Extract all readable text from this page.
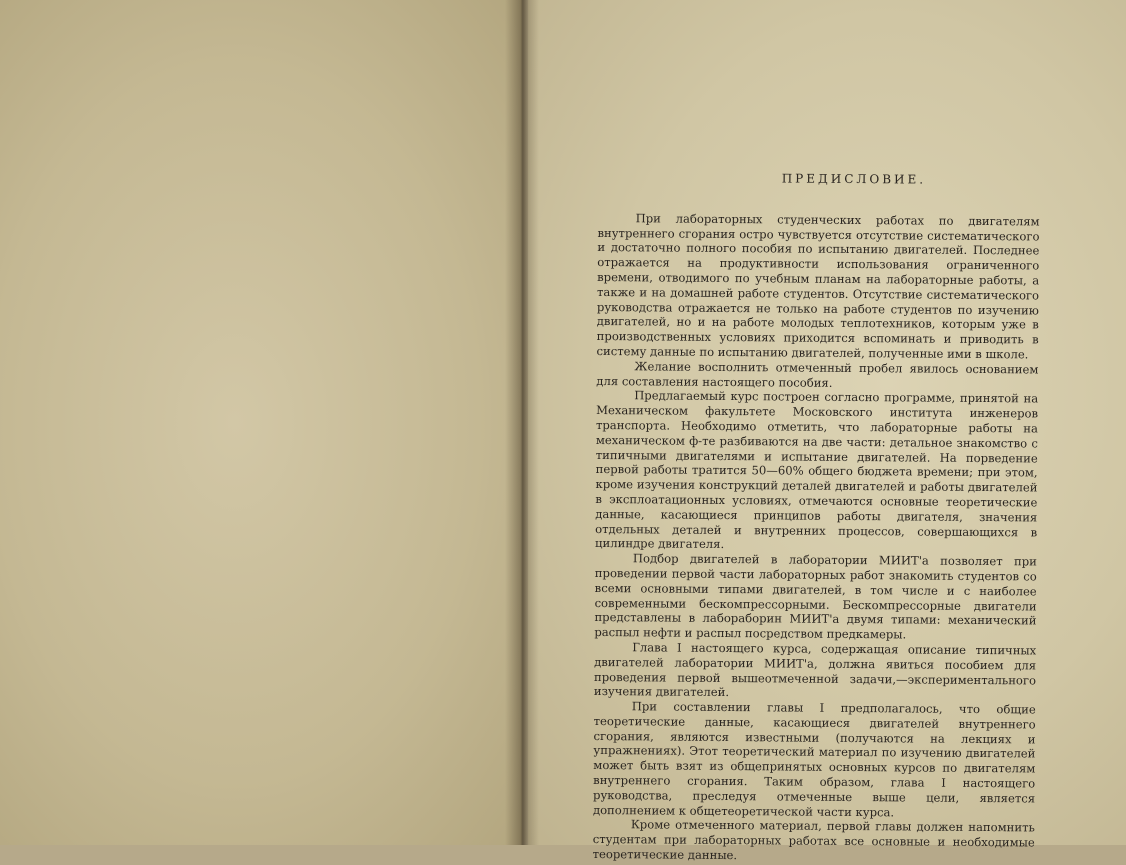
ПРЕДИСЛОВИЕ.

При лабораторных студенческих работах по двигателям внутреннего сгорания остро чувствуется отсутствие систематического и достаточно полного пособия по испытанию двигателей. Последнее отражается на продуктивности использования ограниченного времени, отводимого по учебным планам на лабораторные работы, а также и на домашней работе студентов. Отсутствие систематического руководства отражается не только на работе студентов по изучению двигателей, но и на работе молодых теплотехников, которым уже в производственных условиях приходится вспоминать и приводить в систему данные по испытанию двигателей, полученные ими в школе.

Желание восполнить отмеченный пробел явилось основанием для составления настоящего пособия.

Предлагаемый курс построен согласно программе, принятой на Механическом факультете Московского института инженеров транспорта. Необходимо отметить, что лабораторные работы на механическом ф-те разбиваются на две части: детальное знакомство с типичными двигателями и испытание двигателей. На порведение первой работы тратится 50—60% общего бюджета времени; при этом, кроме изучения конструкций деталей двигателей и работы двигателей в эксплоатационных условиях, отмечаются основные теоретические данные, касающиеся принципов работы двигателя, значения отдельных деталей и внутренних процессов, совершающихся в цилиндре двигателя.

Подбор двигателей в лаборатории МИИТ'а позволяет при проведении первой части лабораторных работ знакомить студентов со всеми основными типами двигателей, в том числе и с наиболее современными бескомпрессорными. Бескомпрессорные двигатели представлены в лабораборин МИИТ'а двумя типами: механический распыл нефти и распыл посредством предкамеры.

Глава I настоящего курса, содержащая описание типичных двигателей лаборатории МИИТ'а, должна явиться пособием для проведения первой вышеотмеченной задачи,—экспериментального изучения двигателей.

При составлении главы I предполагалось, что общие теоретические данные, касающиеся двигателей внутреннего сгорания, являются известными (получаются на лекциях и упражнениях). Этот теоретический материал по изучению двигателей может быть взят из общепринятых основных курсов по двигателям внутреннего сгорания. Таким образом, глава I настоящего руководства, преследуя отмеченные выше цели, является дополнением к общетеоретической части курса.

Кроме отмеченного материал, первой главы должен напомнить студентам при лабораторных работах все основные и необходимые теоретические данные.
